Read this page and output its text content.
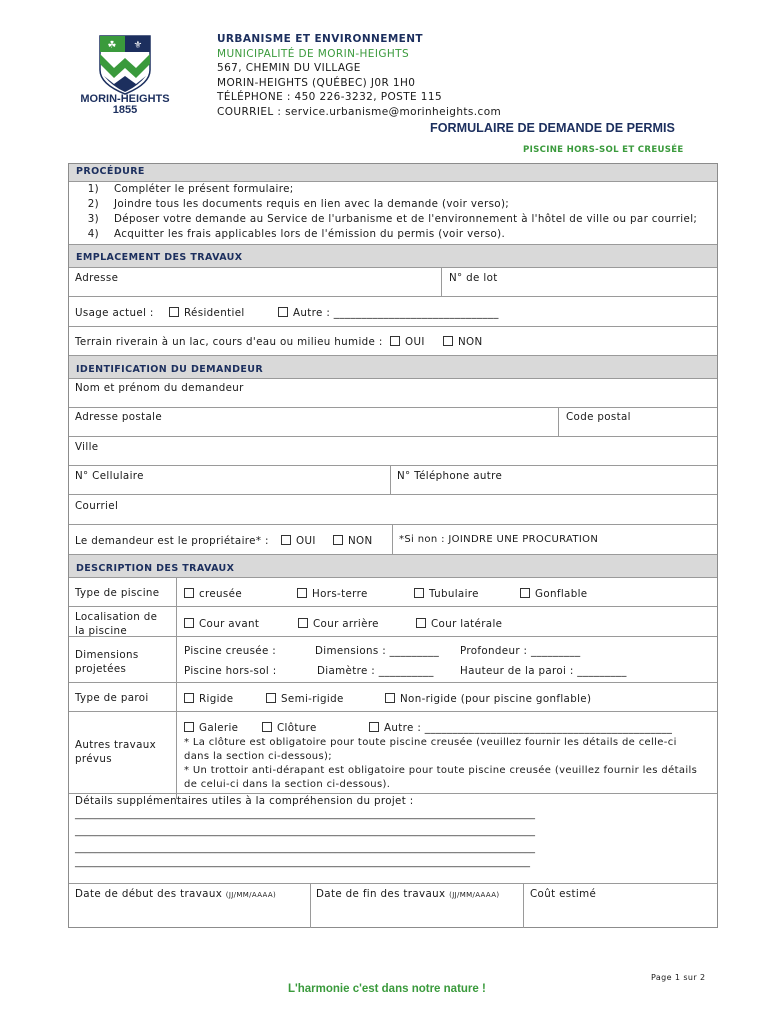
☘ ⚜
MORIN-HEIGHTS
1855
URBANISME ET ENVIRONNEMENT
MUNICIPALITÉ DE MORIN-HEIGHTS
567, CHEMIN DU VILLAGE
MORIN-HEIGHTS (QUÉBEC) J0R 1H0
TÉLÉPHONE : 450 226-3232, POSTE 115
COURRIEL : service.urbanisme@morinheights.com
FORMULAIRE DE DEMANDE DE PERMIS
PISCINE HORS-SOL ET CREUSÉE
PROCÉDURE
1) Compléter le présent formulaire;
2) Joindre tous les documents requis en lien avec la demande (voir verso);
3) Déposer votre demande au Service de l'urbanisme et de l'environnement à l'hôtel de ville ou par courriel;
4) Acquitter les frais applicables lors de l'émission du permis (voir verso).
EMPLACEMENT DES TRAVAUX
Adresse	N° de lot
Usage actuel :	Résidentiel	Autre : ______________________________
Terrain riverain à un lac, cours d'eau ou milieu humide :	OUI	NON
IDENTIFICATION DU DEMANDEUR
Nom et prénom du demandeur
Adresse postale	Code postal
Ville
N° Cellulaire	N° Téléphone autre
Courriel
Le demandeur est le propriétaire* :	OUI	NON	*Si non : JOINDRE UNE PROCURATION
DESCRIPTION DES TRAVAUX
Type de piscine	creusée	Hors-terre	Tubulaire	Gonflable
Localisation de
la piscine
Cour avant	Cour arrière	Cour latérale
Dimensions
projetées
Piscine creusée :	Dimensions : _________ Profondeur : _________
Piscine hors-sol :	Diamètre : __________	Hauteur de la paroi : _________
Type de paroi	Rigide	Semi-rigide	Non-rigide (pour piscine gonflable)
Autres travaux
prévus
Galerie	Clôture	Autre : _____________________________________________
* La clôture est obligatoire pour toute piscine creusée (veuillez fournir les détails de celle-ci
dans la section ci-dessous);
* Un trottoir anti-dérapant est obligatoire pour toute piscine creusée (veuillez fournir les détails
de celui-ci dans la section ci-dessous).
Détails supplémentaires utiles à la compréhension du projet :
____________________________________________________________________________________________
____________________________________________________________________________________________
____________________________________________________________________________________________
___________________________________________________________________________________________
Date de début des travaux (JJ/MM/AAAA)	Date de fin des travaux (JJ/MM/AAAA)	Coût estimé
Page 1 sur 2
L'harmonie c'est dans notre nature !
